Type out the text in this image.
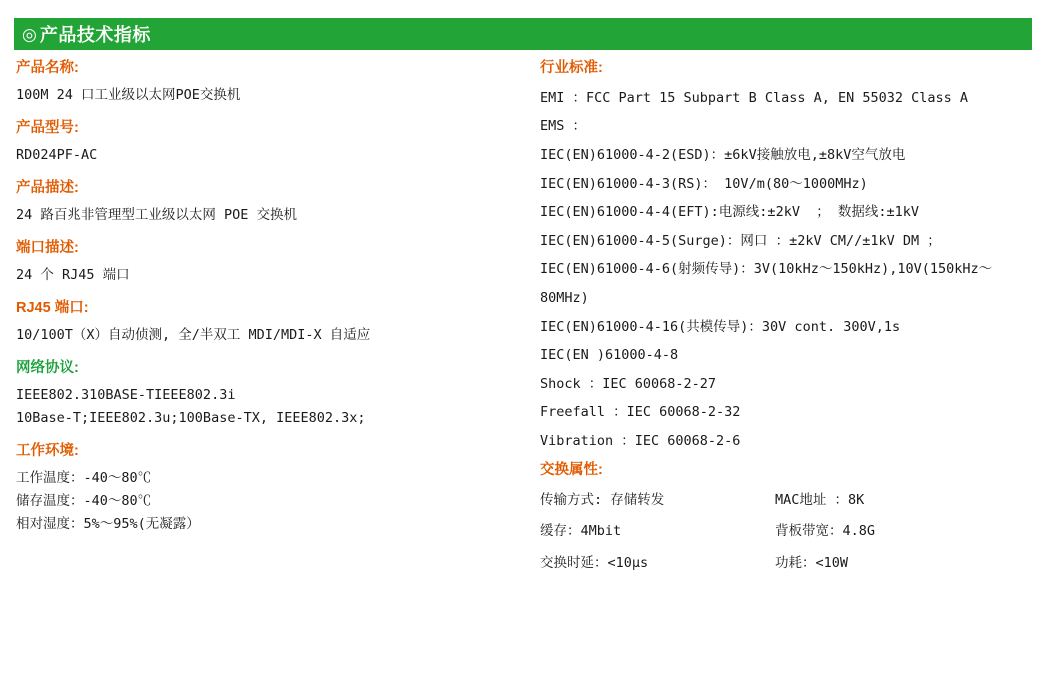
◎ 产品技术指标
产品名称:
100M 24 口工业级以太网POE交换机
产品型号:
RD024PF-AC
产品描述:
24 路百兆非管理型工业级以太网 POE 交换机
端口描述:
24 个 RJ45 端口
RJ45 端口:
10/100T（X）自动侦测, 全/半双工 MDI/MDI-X 自适应
网络协议:
IEEE802.310BASE-TIEEE802.3i
10Base-T;IEEE802.3u;100Base-TX, IEEE802.3x;
工作环境:
工作温度：-40～80℃
储存温度：-40～80℃
相对湿度：5%～95%(无凝露）
行业标准:
EMI ：FCC Part 15 Subpart B Class A, EN 55032 Class A
EMS ：
IEC(EN)61000-4-2(ESD)：±6kV接触放电,±8kV空气放电
IEC(EN)61000-4-3(RS)： 10V/m(80～1000MHz)
IEC(EN)61000-4-4(EFT):电源线:±2kV  ； 数据线:±1kV
IEC(EN)61000-4-5(Surge)：网口 ：±2kV CM//±1kV DM ；
IEC(EN)61000-4-6(射频传导)：3V(10kHz～150kHz),10V(150kHz～
80MHz)
IEC(EN)61000-4-16(共模传导)：30V cont. 300V,1s
IEC(EN )61000-4-8
Shock ：IEC 60068-2-27
Freefall ：IEC 60068-2-32
Vibration ：IEC 60068-2-6
交换属性:
传输方式: 存储转发	MAC地址 ：8K
缓存：4Mbit	背板带宽：4.8G
交换时延：<10μs	功耗：<10W
